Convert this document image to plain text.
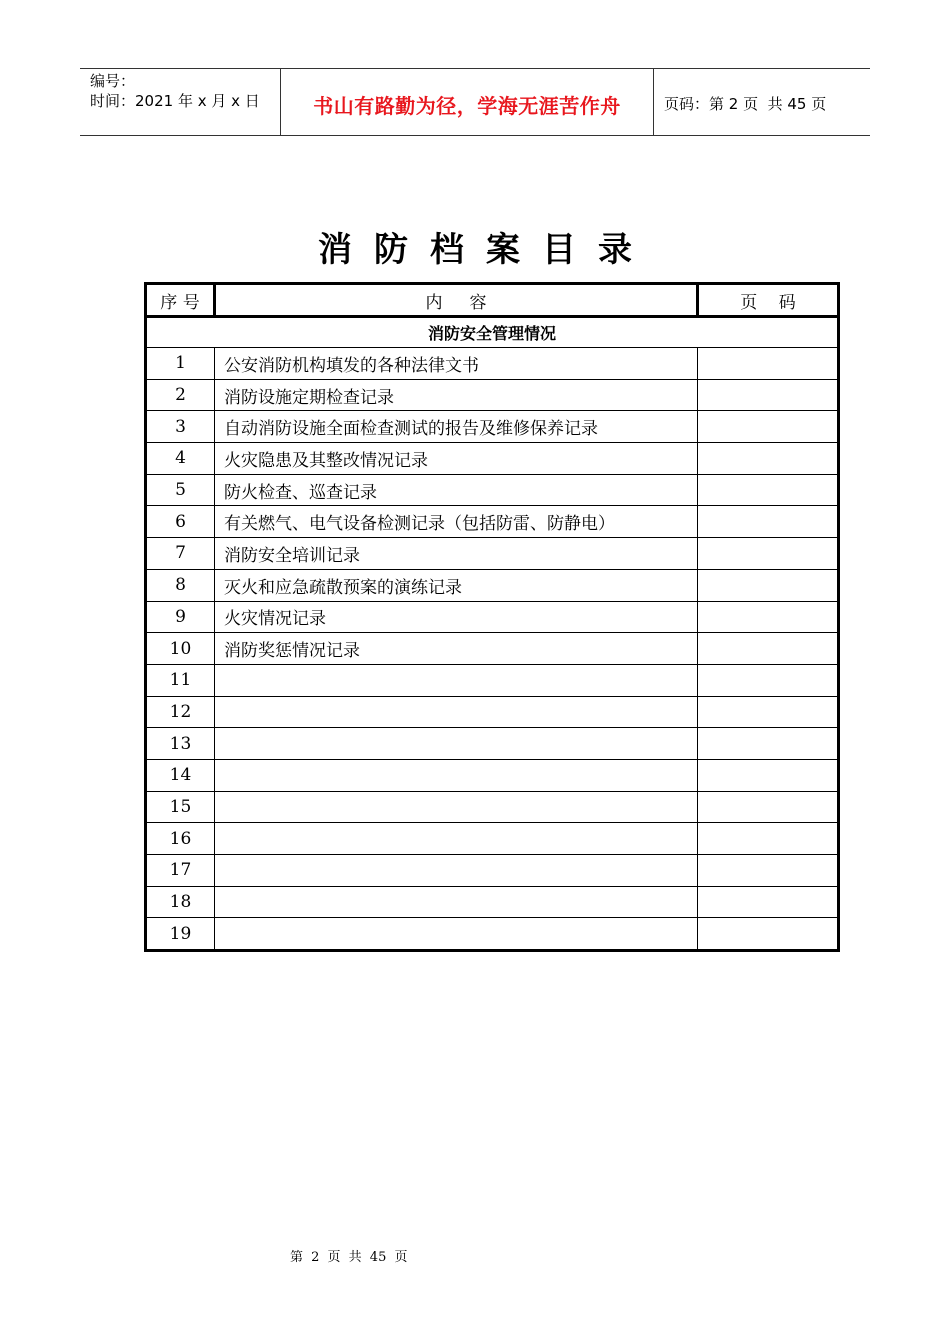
编号：
时间：2021 年 x 月 x 日	书山有路勤为径，学海无涯苦作舟	页码：第 2 页  共 45 页
消防档案目录
序 号	内     容	页    码
消防安全管理情况		
1	公安消防机构填发的各种法律文书	
2	消防设施定期检查记录	
3	自动消防设施全面检查测试的报告及维修保养记录	
4	火灾隐患及其整改情况记录	
5	防火检查、巡查记录	
6	有关燃气、电气设备检测记录（包括防雷、防静电）	
7	消防安全培训记录	
8	灭火和应急疏散预案的演练记录	
9	火灾情况记录	
10	消防奖惩情况记录	
11		
12		
13		
14		
15		
16		
17		
18		
19		
第 2 页 共 45 页
